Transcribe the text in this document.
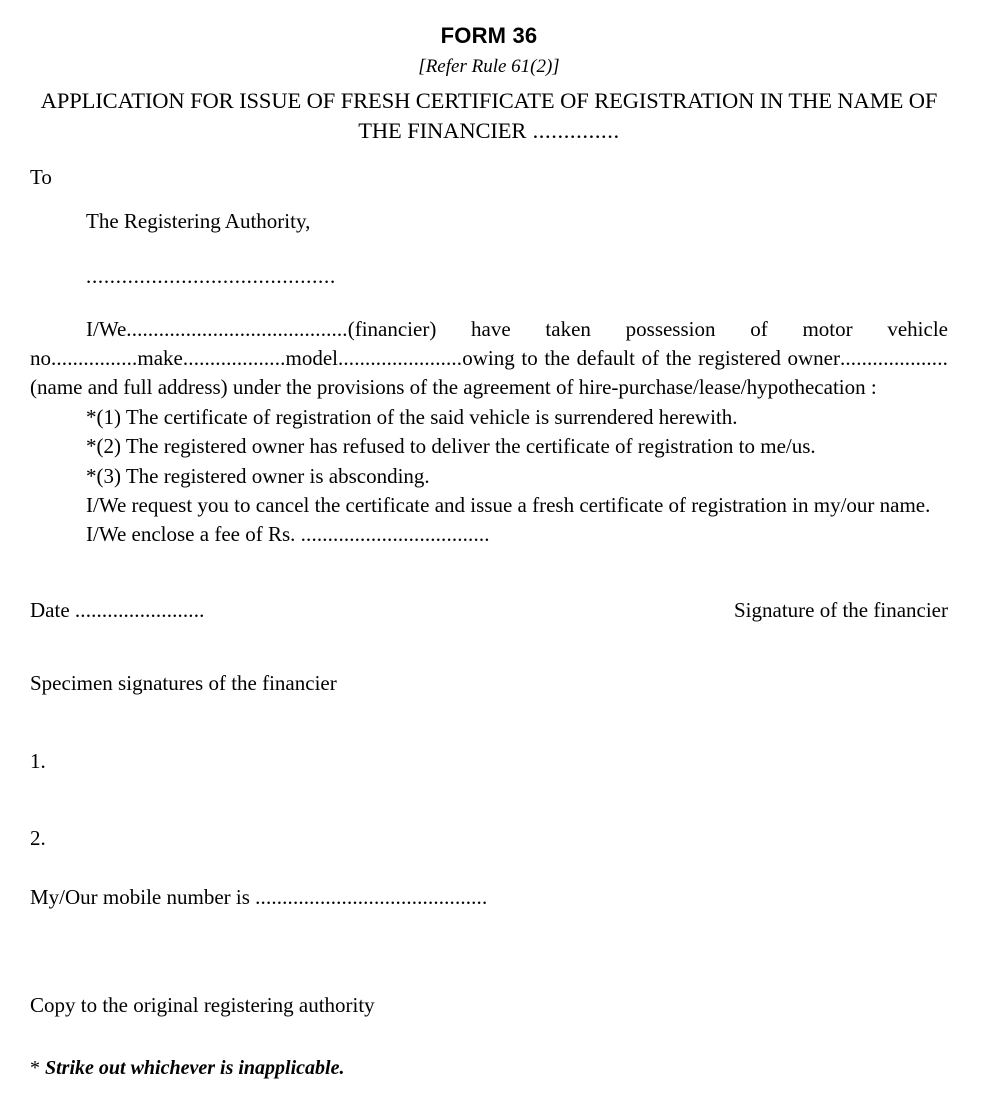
FORM 36
[Refer Rule 61(2)]
APPLICATION FOR ISSUE OF FRESH CERTIFICATE OF REGISTRATION IN THE NAME OF THE FINANCIER ..............
To
The Registering Authority,
..........................................
I/We.........................................(financier) have taken possession of motor vehicle no................make...................model.......................owing to the default of the registered owner....................(name and full address) under the provisions of the agreement of hire-purchase/lease/hypothecation :
*(1) The certificate of registration of the said vehicle is surrendered herewith.
*(2) The registered owner has refused to deliver the certificate of registration to me/us.
*(3) The registered owner is absconding.
I/We request you to cancel the certificate and issue a fresh certificate of registration in my/our name.
I/We enclose a fee of Rs. ...................................
Date ........................	Signature of the financier
Specimen signatures of the financier
1.
2.
My/Our mobile number is ...........................................
Copy to the original registering authority
* Strike out whichever is inapplicable.
